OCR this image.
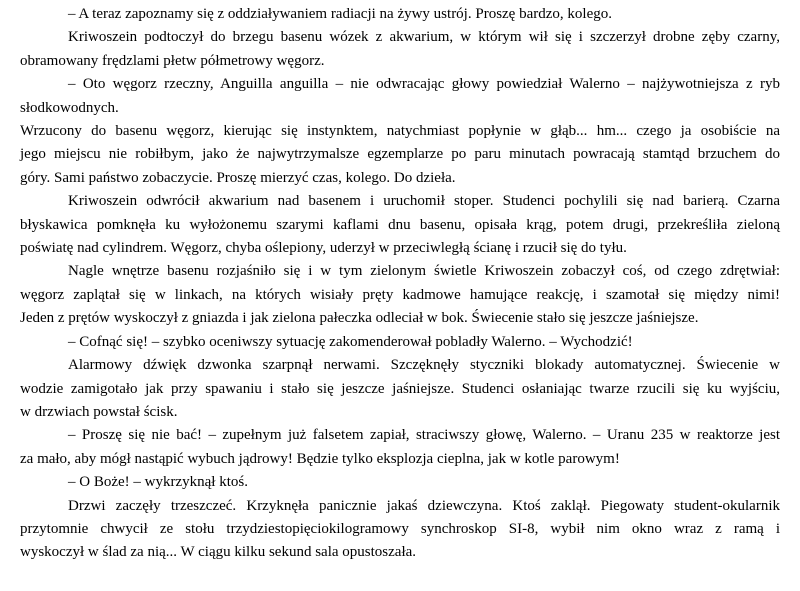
– A teraz zapoznamy się z oddziaływaniem radiacji na żywy ustrój. Proszę bardzo, kolego.
Kriwoszein podtoczył do brzegu basenu wózek z akwarium, w którym wił się i szczerzył drobne zęby czarny,
obramowany frędzlami płetw półmetrowy węgorz.
– Oto węgorz rzeczny, Anguilla anguilla – nie odwracając głowy powiedział Walerno – najżywotniejsza z ryb
słodkowodnych.
Wrzucony do basenu węgorz, kierując się instynktem, natychmiast popłynie w głąb... hm... czego ja osobiście na
jego miejscu nie robiłbym, jako że najwytrzymalsze egzemplarze po paru minutach powracają stamtąd brzuchem do
góry. Sami państwo zobaczycie. Proszę mierzyć czas, kolego. Do dzieła.
Kriwoszein odwrócił akwarium nad basenem i uruchomił stoper. Studenci pochylili się nad barierą. Czarna
błyskawica pomknęła ku wyłożonemu szarymi kaflami dnu basenu, opisała krąg, potem drugi, przekreśliła zieloną
poświatę nad cylindrem. Węgorz, chyba oślepiony, uderzył w przeciwległą ścianę i rzucił się do tyłu.
Nagle wnętrze basenu rozjaśniło się i w tym zielonym świetle Kriwoszein zobaczył coś, od czego zdrętwiał:
węgorz zaplątał się w linkach, na których wisiały pręty kadmowe hamujące reakcję, i szamotał się między nimi!
Jeden z prętów wyskoczył z gniazda i jak zielona pałeczka odleciał w bok. Świecenie stało się jeszcze jaśniejsze.
– Cofnąć się! – szybko oceniwszy sytuację zakomenderował pobladły Walerno. – Wychodzić!
Alarmowy dźwięk dzwonka szarpnął nerwami. Szczęknęły styczniki blokady automatycznej. Świecenie w
wodzie zamigotało jak przy spawaniu i stało się jeszcze jaśniejsze. Studenci osłaniając twarze rzucili się ku wyjściu,
w drzwiach powstał ścisk.
– Proszę się nie bać! – zupełnym już falsetem zapiał, straciwszy głowę, Walerno. – Uranu 235 w reaktorze jest
za mało, aby mógł nastąpić wybuch jądrowy! Będzie tylko eksplozja cieplna, jak w kotle parowym!
– O Boże! – wykrzyknął ktoś.
Drzwi zaczęły trzeszczeć. Krzyknęła panicznie jakaś dziewczyna. Ktoś zaklął. Piegowaty student-okularnik
przytomnie chwycił ze stołu trzydziestopięciokilogramowy synchroskop SI-8, wybił nim okno wraz z ramą i
wyskoczył w ślad za nią... W ciągu kilku sekund sala opustoszała.
